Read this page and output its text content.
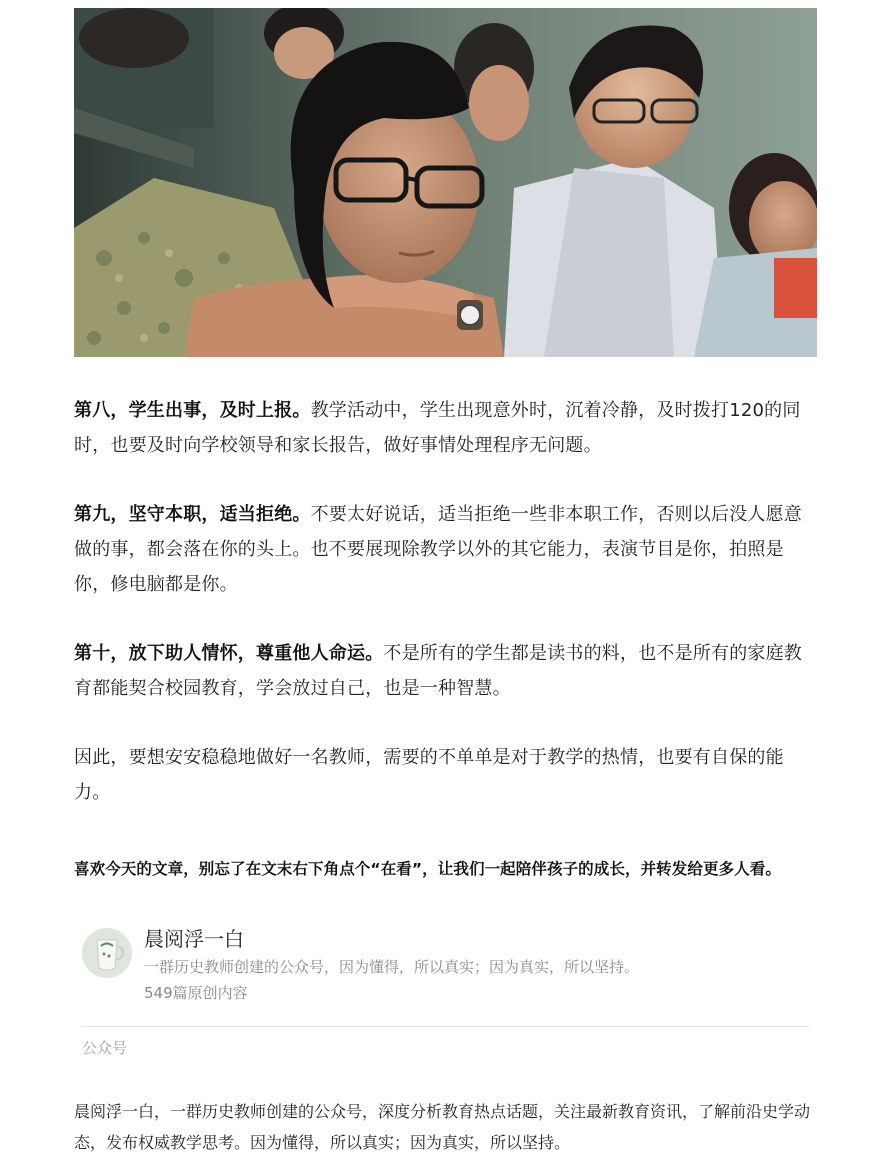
第八，学生出事，及时上报。教学活动中，学生出现意外时，沉着冷静，及时拨打120的同时，也要及时向学校领导和家长报告，做好事情处理程序无问题。

第九，坚守本职，适当拒绝。不要太好说话，适当拒绝一些非本职工作，否则以后没人愿意做的事，都会落在你的头上。也不要展现除教学以外的其它能力，表演节目是你，拍照是你，修电脑都是你。

第十，放下助人情怀，尊重他人命运。不是所有的学生都是读书的料，也不是所有的家庭教育都能契合校园教育，学会放过自己，也是一种智慧。

因此，要想安安稳稳地做好一名教师，需要的不单单是对于教学的热情，也要有自保的能力。

喜欢今天的文章，别忘了在文末右下角点个“在看”，让我们一起陪伴孩子的成长，并转发给更多人看。

晨阅浮一白
一群历史教师创建的公众号，因为懂得，所以真实；因为真实，所以坚持。
549篇原创内容
公众号

晨阅浮一白，一群历史教师创建的公众号，深度分析教育热点话题，关注最新教育资讯，了解前沿史学动态，发布权威教学思考。因为懂得，所以真实；因为真实，所以坚持。
